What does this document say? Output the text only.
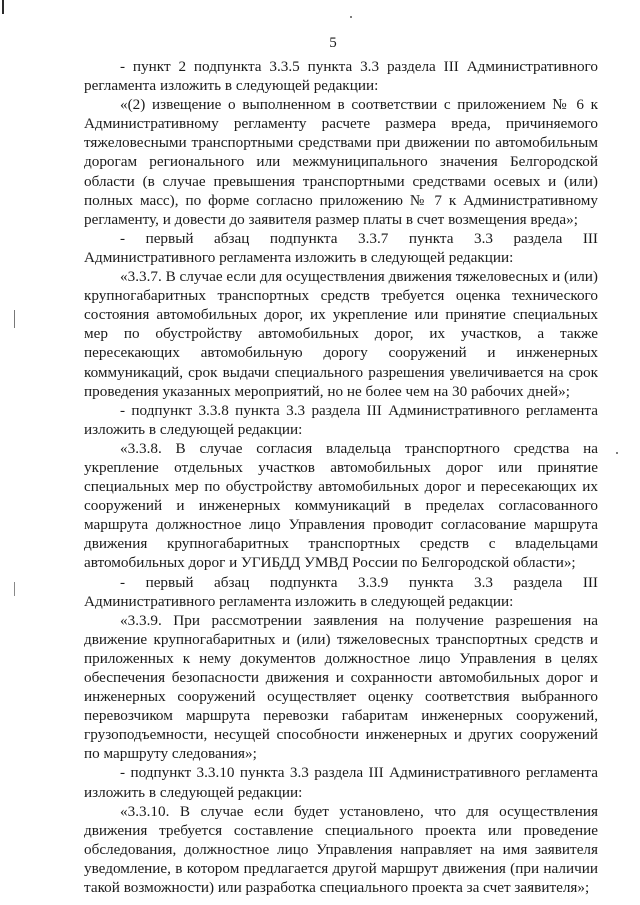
5

- пункт 2 подпункта 3.3.5 пункта 3.3 раздела III Административного регламента изложить в следующей редакции:

«(2) извещение о выполненном в соответствии с приложением № 6 к Административному регламенту расчете размера вреда, причиняемого тяжеловесными транспортными средствами при движении по автомобильным дорогам регионального или межмуниципального значения Белгородской области (в случае превышения транспортными средствами осевых и (или) полных масс), по форме согласно приложению № 7 к Административному регламенту, и довести до заявителя размер платы в счет возмещения вреда»;

- первый абзац подпункта 3.3.7 пункта 3.3 раздела III Административного регламента изложить в следующей редакции:

«3.3.7. В случае если для осуществления движения тяжеловесных и (или) крупногабаритных транспортных средств требуется оценка технического состояния автомобильных дорог, их укрепление или принятие специальных мер по обустройству автомобильных дорог, их участков, а также пересекающих автомобильную дорогу сооружений и инженерных коммуникаций, срок выдачи специального разрешения увеличивается на срок проведения указанных мероприятий, но не более чем на 30 рабочих дней»;

- подпункт 3.3.8 пункта 3.3 раздела III Административного регламента изложить в следующей редакции:

«3.3.8. В случае согласия владельца транспортного средства на укрепление отдельных участков автомобильных дорог или принятие специальных мер по обустройству автомобильных дорог и пересекающих их сооружений и инженерных коммуникаций в пределах согласованного маршрута должностное лицо Управления проводит согласование маршрута движения крупногабаритных транспортных средств с владельцами автомобильных дорог и УГИБДД УМВД России по Белгородской области»;

- первый абзац подпункта 3.3.9 пункта 3.3 раздела III Административного регламента изложить в следующей редакции:

«3.3.9. При рассмотрении заявления на получение разрешения на движение крупногабаритных и (или) тяжеловесных транспортных средств и приложенных к нему документов должностное лицо Управления в целях обеспечения безопасности движения и сохранности автомобильных дорог и инженерных сооружений осуществляет оценку соответствия выбранного перевозчиком маршрута перевозки габаритам инженерных сооружений, грузоподъемности, несущей способности инженерных и других сооружений по маршруту следования»;

- подпункт 3.3.10 пункта 3.3 раздела III Административного регламента изложить в следующей редакции:

«3.3.10. В случае если будет установлено, что для осуществления движения требуется составление специального проекта или проведение обследования, должностное лицо Управления направляет на имя заявителя уведомление, в котором предлагается другой маршрут движения (при наличии такой возможности) или разработка специального проекта за счет заявителя»;
